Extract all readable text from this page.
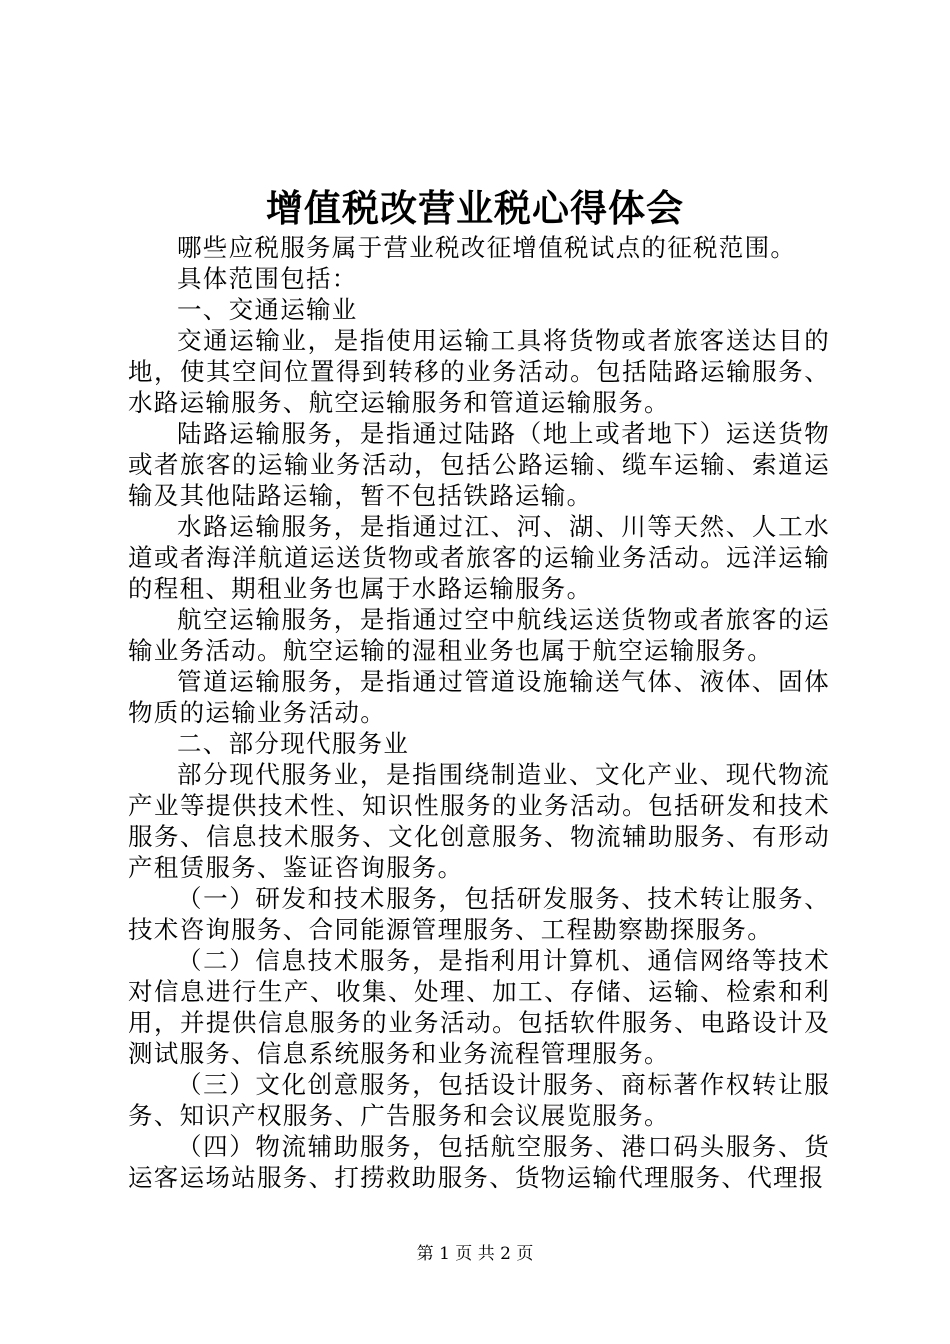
增值税改营业税心得体会

哪些应税服务属于营业税改征增值税试点的征税范围。

具体范围包括：

一、交通运输业

交通运输业，是指使用运输工具将货物或者旅客送达目的地，使其空间位置得到转移的业务活动。包括陆路运输服务、水路运输服务、航空运输服务和管道运输服务。

陆路运输服务，是指通过陆路（地上或者地下）运送货物或者旅客的运输业务活动，包括公路运输、缆车运输、索道运输及其他陆路运输，暂不包括铁路运输。

水路运输服务，是指通过江、河、湖、川等天然、人工水道或者海洋航道运送货物或者旅客的运输业务活动。远洋运输的程租、期租业务也属于水路运输服务。

航空运输服务，是指通过空中航线运送货物或者旅客的运输业务活动。航空运输的湿租业务也属于航空运输服务。

管道运输服务，是指通过管道设施输送气体、液体、固体物质的运输业务活动。

二、部分现代服务业

部分现代服务业，是指围绕制造业、文化产业、现代物流产业等提供技术性、知识性服务的业务活动。包括研发和技术服务、信息技术服务、文化创意服务、物流辅助服务、有形动产租赁服务、鉴证咨询服务。

（一）研发和技术服务，包括研发服务、技术转让服务、技术咨询服务、合同能源管理服务、工程勘察勘探服务。

（二）信息技术服务，是指利用计算机、通信网络等技术对信息进行生产、收集、处理、加工、存储、运输、检索和利用，并提供信息服务的业务活动。包括软件服务、电路设计及测试服务、信息系统服务和业务流程管理服务。

（三）文化创意服务，包括设计服务、商标著作权转让服务、知识产权服务、广告服务和会议展览服务。

（四）物流辅助服务，包括航空服务、港口码头服务、货运客运场站服务、打捞救助服务、货物运输代理服务、代理报

第 1 页 共 2 页
